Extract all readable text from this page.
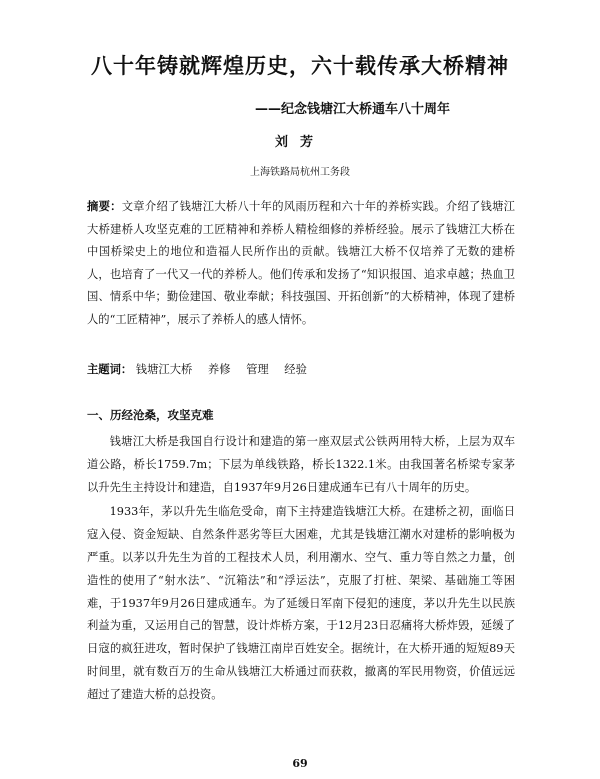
八十年铸就辉煌历史，六十载传承大桥精神
——纪念钱塘江大桥通车八十周年
刘芳
上海铁路局杭州工务段
摘要：文章介绍了钱塘江大桥八十年的风雨历程和六十年的养桥实践。介绍了钱塘江大桥建桥人攻坚克难的工匠精神和养桥人精检细修的养桥经验。展示了钱塘江大桥在中国桥梁史上的地位和造福人民所作出的贡献。钱塘江大桥不仅培养了无数的建桥人，也培育了一代又一代的养桥人。他们传承和发扬了“知识报国、追求卓越；热血卫国、情系中华；勤俭建国、敬业奉献；科技强国、开拓创新”的大桥精神，体现了建桥人的“工匠精神”，展示了养桥人的感人情怀。
主题词： 钱塘江大桥 养修 管理 经验
一、历经沧桑，攻坚克难

钱塘江大桥是我国自行设计和建造的第一座双层式公铁两用特大桥，上层为双车道公路，桥长1759.7m；下层为单线铁路，桥长1322.1米。由我国著名桥梁专家茅以升先生主持设计和建造，自1937年9月26日建成通车已有八十周年的历史。

1933年，茅以升先生临危受命，南下主持建造钱塘江大桥。在建桥之初，面临日寇入侵、资金短缺、自然条件恶劣等巨大困难，尤其是钱塘江潮水对建桥的影响极为严重。以茅以升先生为首的工程技术人员，利用潮水、空气、重力等自然之力量，创造性的使用了“射水法”、“沉箱法”和“浮运法”，克服了打桩、架梁、基础施工等困难，于1937年9月26日建成通车。为了延缓日军南下侵犯的速度，茅以升先生以民族利益为重，又运用自己的智慧，设计炸桥方案，于12月23日忍痛将大桥炸毁，延缓了日寇的疯狂进攻，暂时保护了钱塘江南岸百姓安全。据统计，在大桥开通的短短89天时间里，就有数百万的生命从钱塘江大桥通过而获救，撤离的军民用物资，价值远远超过了建造大桥的总投资。

69
